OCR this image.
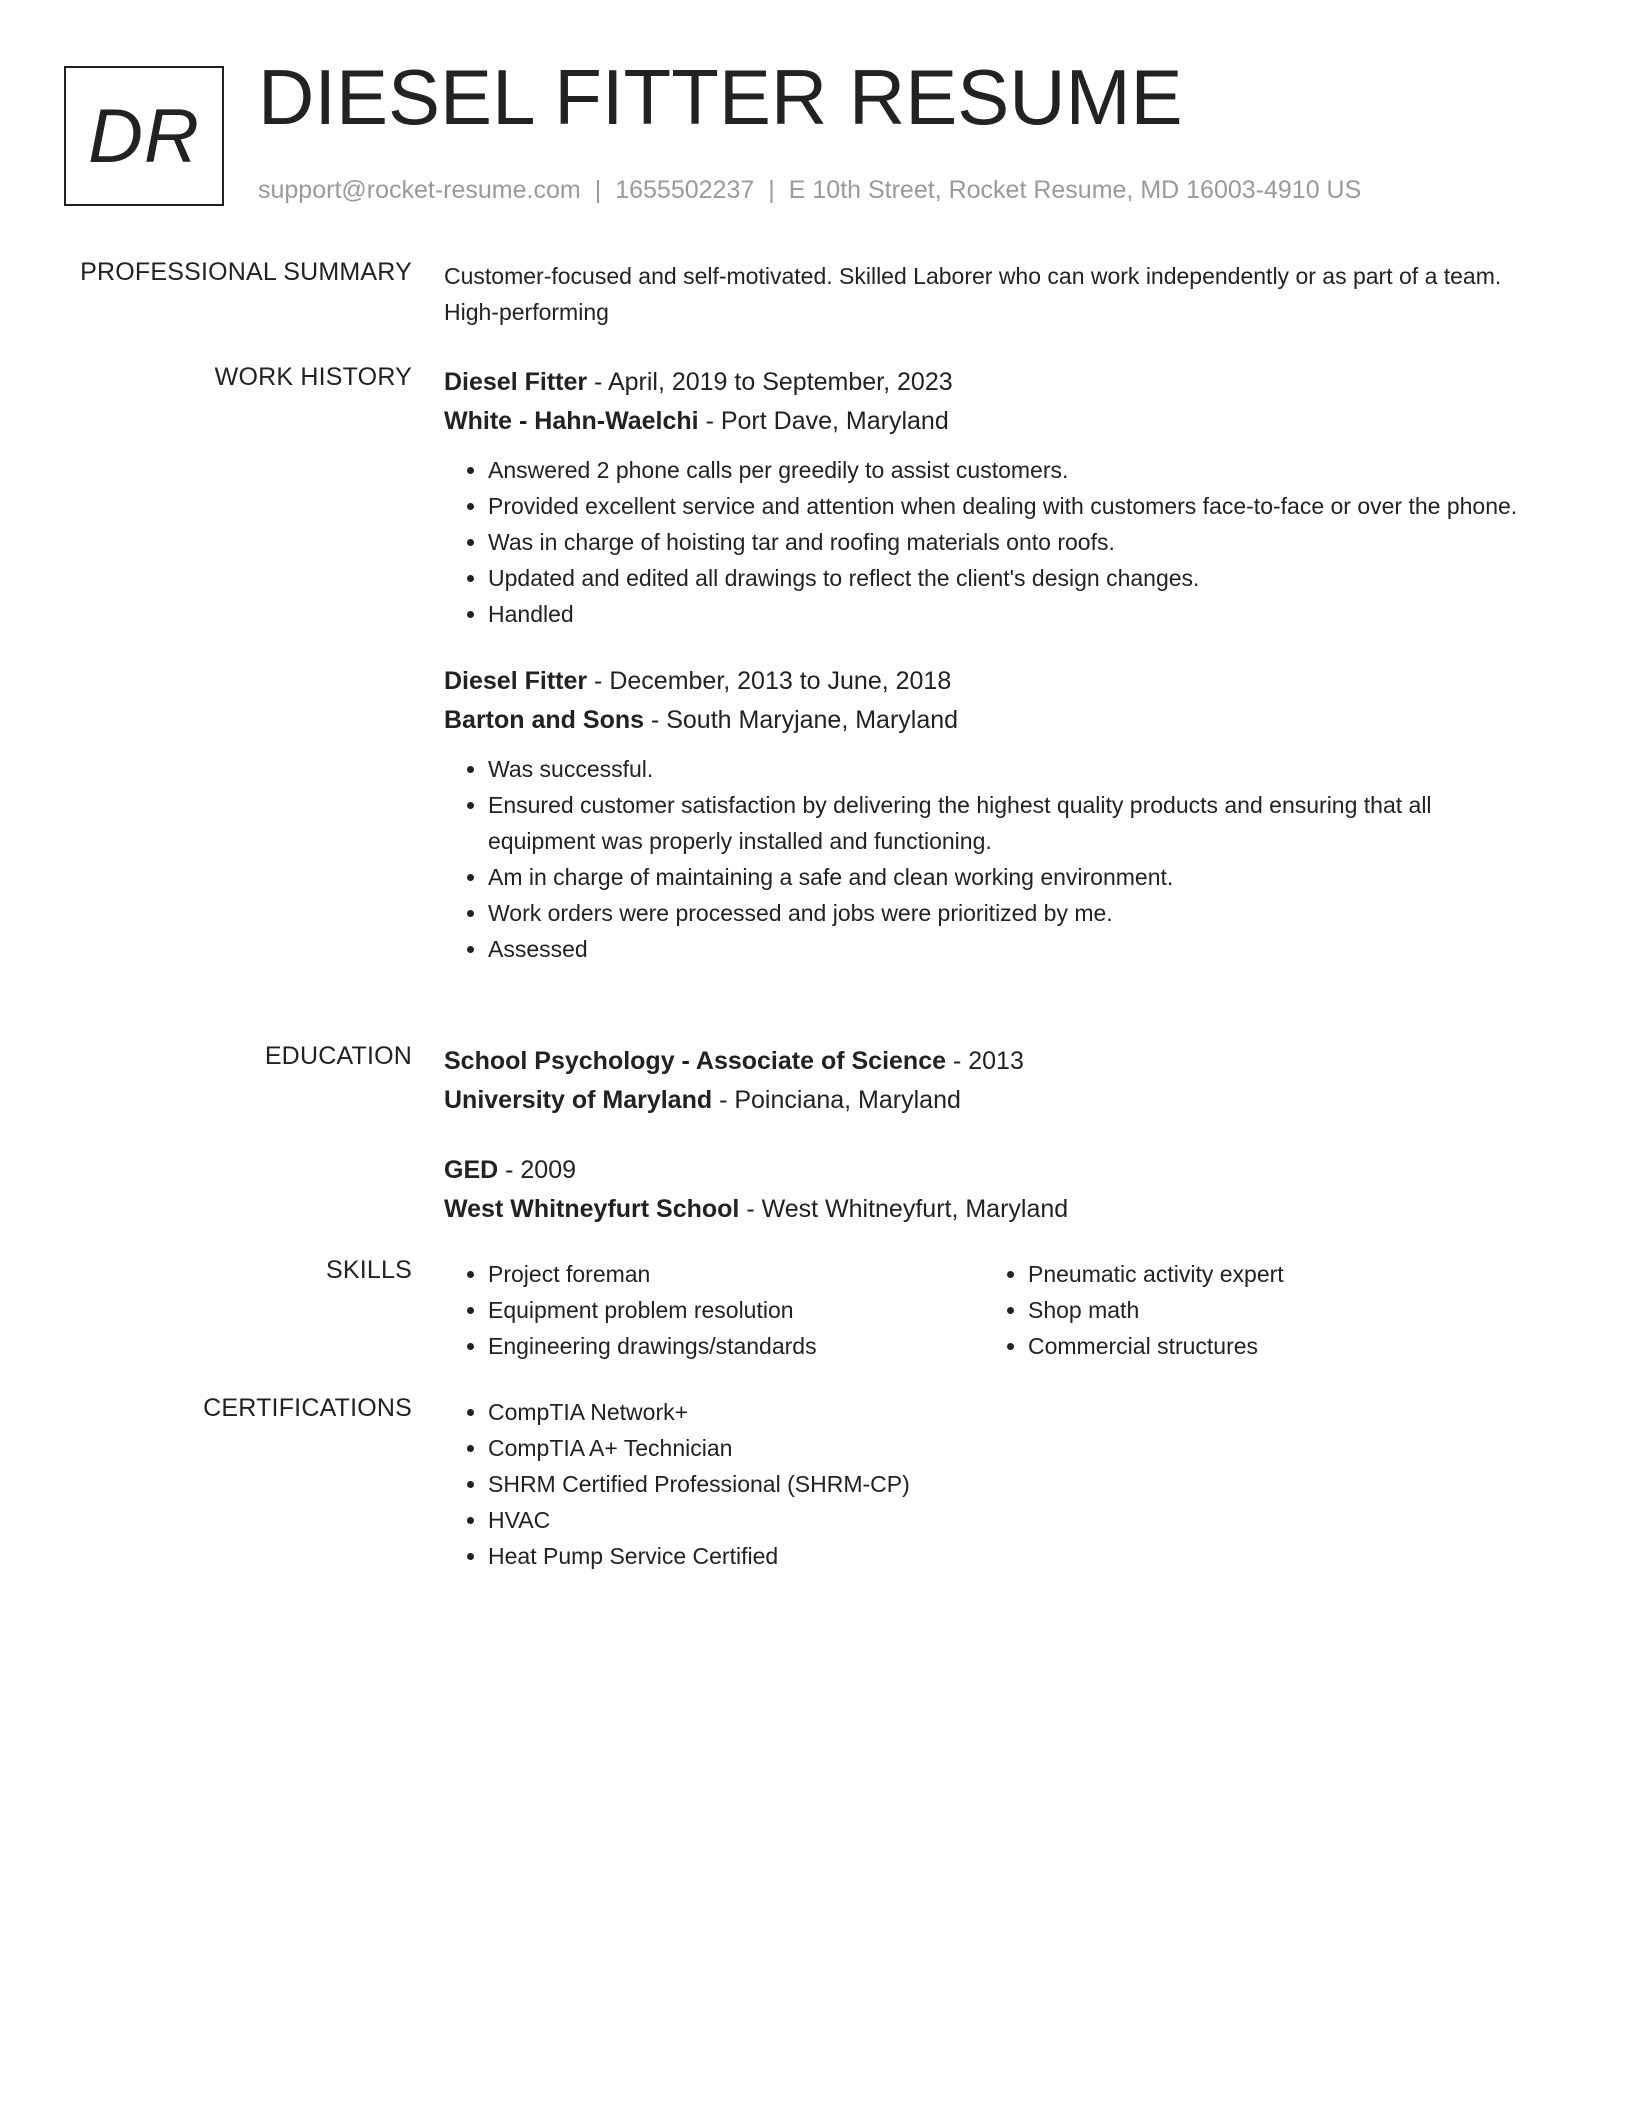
DR DIESEL FITTER RESUME
support@rocket-resume.com | 1655502237 | E 10th Street, Rocket Resume, MD 16003-4910 US
PROFESSIONAL SUMMARY Customer-focused and self-motivated. Skilled Laborer who can work independently or as part of a team. High-performing

WORK HISTORY Diesel Fitter - April, 2019 to September, 2023
White - Hahn-Waelchi - Port Dave, Maryland
• Answered 2 phone calls per greedily to assist customers.
• Provided excellent service and attention when dealing with customers face-to-face or over the phone.
• Was in charge of hoisting tar and roofing materials onto roofs.
• Updated and edited all drawings to reflect the client's design changes.
• Handled
Diesel Fitter - December, 2013 to June, 2018
Barton and Sons - South Maryjane, Maryland
• Was successful.
• Ensured customer satisfaction by delivering the highest quality products and ensuring that all equipment was properly installed and functioning.
• Am in charge of maintaining a safe and clean working environment.
• Work orders were processed and jobs were prioritized by me.
• Assessed
EDUCATION School Psychology - Associate of Science - 2013
University of Maryland - Poinciana, Maryland
GED - 2009
West Whitneyfurt School - West Whitneyfurt, Maryland
SKILLS	• Project foreman
• Equipment problem resolution
• Engineering drawings/standards
• Pneumatic activity expert
• Shop math
• Commercial structures
CERTIFICATIONS	• CompTIA Network+
• CompTIA A+ Technician
• SHRM Certified Professional (SHRM-CP)
• HVAC
• Heat Pump Service Certified
